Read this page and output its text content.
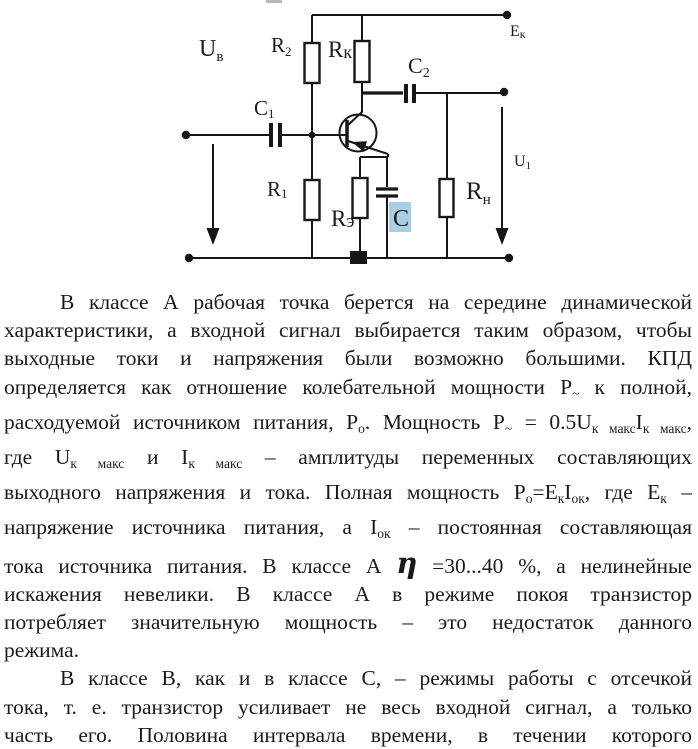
$U_в$ R2 Rк
C2
Eк
C1
R1
Rэ C
$R_н$
U1
В классе А рабочая точка берется на середине динамической
характеристики, а входной сигнал выбирается таким образом, чтобы
выходные токи и напряжения были возможно большими. КПД
определяется как отношение колебательной мощности $P_\sim$ к полной,
расходуемой источником питания, $P_о$. Мощность $P_\sim = 0.5U_{к макс}I_{к макс}$,
где $U_{к макс}$ и $I_{к макс}$ – амплитуды переменных составляющих
выходного напряжения и тока. Полная мощность $P_о=E_кI_{ок}$, где $E_к$ –
напряжение источника питания, а $I_{ок}$ – постоянная составляющая
тока источника питания. В классе А η =30...40 %, а нелинейные
искажения невелики. В классе А в режиме покоя транзистор
потребляет значительную мощность – это недостаток данного
режима.
В классе В, как и в классе С, – режимы работы с отсечкой
тока, т. е. транзистор усиливает не весь входной сигнал, а только
часть его. Половина интервала времени, в течении которого
